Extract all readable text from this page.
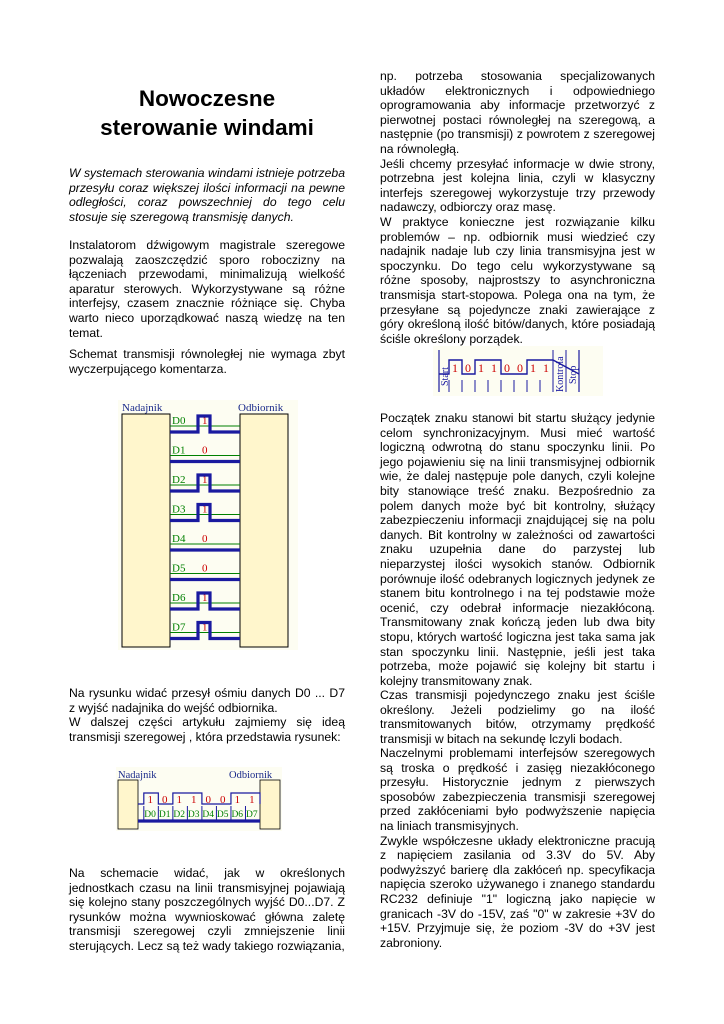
Nowoczesne
sterowanie windami

W systemach sterowania windami istnieje potrzeba przesyłu coraz większej ilości informacji na pewne odległości, coraz powszechniej do tego celu stosuje się szeregową transmisję danych.

Instalatorom dźwigowym magistrale szeregowe pozwalają zaoszczędzić sporo roboczizny na łączeniach przewodami, minimalizują wielkość aparatur sterowych. Wykorzystywane są różne interfejsy, czasem znacznie różniące się. Chyba warto nieco uporządkować naszą wiedzę na ten temat.

Schemat transmisji równoległej nie wymaga zbyt wyczerpującego komentarza.

Nadajnik	Odbiornik
D0 1
D1 0
D2 1
D3 1
D4 0
D5 0
D6 1
D7 1

Na rysunku widać przesył ośmiu danych D0 ... D7 z wyjść nadajnika do wejść odbiornika.

W dalszej części artykułu zajmiemy się ideą transmisji szeregowej , która przedstawia rysunek:

Nadajnik	Odbiornik
1
D0
0
D1
1
D2
1
D3
0
D4
0
D5
1
D6
1
D7

Na schemacie widać, jak w określonych jednostkach czasu na linii transmisyjnej pojawiają się kolejno stany poszczególnych wyjść D0...D7. Z rysunków można wywnioskować główna zaletę transmisji szeregowej czyli zmniejszenie linii sterujących. Lecz są też wady takiego rozwiązania,

np. potrzeba stosowania specjalizowanych układów elektronicznych i odpowiedniego oprogramowania aby informacje przetworzyć z pierwotnej postaci równoległej na szeregową, a następnie (po transmisji) z powrotem z szeregowej na równoległą.

Jeśli chcemy przesyłać informacje w dwie strony, potrzebna jest kolejna linia, czyli w klasyczny interfejs szeregowej wykorzystuje trzy przewody nadawczy, odbiorczy oraz masę.

W praktyce konieczne jest rozwiązanie kilku problemów – np. odbiornik musi wiedzieć czy nadajnik nadaje lub czy linia transmisyjna jest w spoczynku. Do tego celu wykorzystywane są różne sposoby, najprostszy to asynchroniczna transmisja start-stopowa. Polega ona na tym, że przesyłane są pojedyncze znaki zawierające z góry określoną ilość bitów/danych, które posiadają ściśle określony porządek.

Start 1 0 1 1 0 0 1 1 Kontrola Stop

Początek znaku stanowi bit startu służący jedynie celom synchronizacyjnym. Musi mieć wartość logiczną odwrotną do stanu spoczynku linii. Po jego pojawieniu się na linii transmisyjnej odbiornik wie, że dalej następuje pole danych, czyli kolejne bity stanowiące treść znaku. Bezpośrednio za polem danych może być bit kontrolny, służący zabezpieczeniu informacji znajdującej się na polu danych. Bit kontrolny w zależności od zawartości znaku uzupełnia dane do parzystej lub nieparzystej ilości wysokich stanów. Odbiornik porównuje ilość odebranych logicznych jedynek ze stanem bitu kontrolnego i na tej podstawie może ocenić, czy odebrał informacje niezakłóconą. Transmitowany znak kończą jeden lub dwa bity stopu, których wartość logiczna jest taka sama jak stan spoczynku linii. Następnie, jeśli jest taka potrzeba, może pojawić się kolejny bit startu i kolejny transmitowany znak.

Czas transmisji pojedynczego znaku jest ściśle określony. Jeżeli podzielimy go na ilość transmitowanych bitów, otrzymamy prędkość transmisji w bitach na sekundę lczyli bodach.

Naczelnymi problemami interfejsów szeregowych są troska o prędkość i zasięg niezakłóconego przesyłu. Historycznie jednym z pierwszych sposobów zabezpieczenia transmisji szeregowej przed zakłóceniami było podwyższenie napięcia na liniach transmisyjnych.

Zwykle współczesne układy elektroniczne pracują z napięciem zasilania od 3.3V do 5V. Aby podwyższyć barierę dla zakłóceń np. specyfikacja napięcia szeroko używanego i znanego standardu RC232 definiuje "1" logiczną jako napięcie w granicach -3V do -15V, zaś "0" w zakresie +3V do +15V. Przyjmuje się, że poziom -3V do +3V jest zabroniony.
